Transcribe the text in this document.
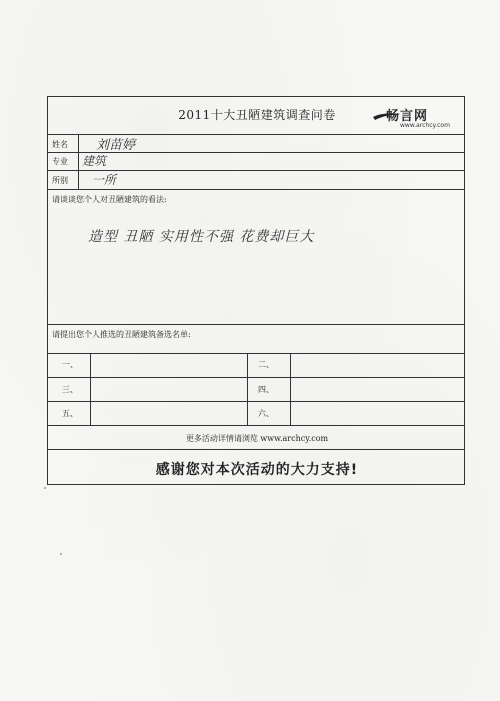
2011十大丑陋建筑调查问卷	畅言网
www.archcy.com
姓名 刘苗婷
专业 建筑
所别 一所
请谈谈您个人对丑陋建筑的看法:
造型 丑陋 实用性不强 花费却巨大
请提出您个人推选的丑陋建筑备选名单:
一、	二、
三、	四、
五、	六、
更多活动详情请浏览 www.archcy.com
感谢您对本次活动的大力支持!
